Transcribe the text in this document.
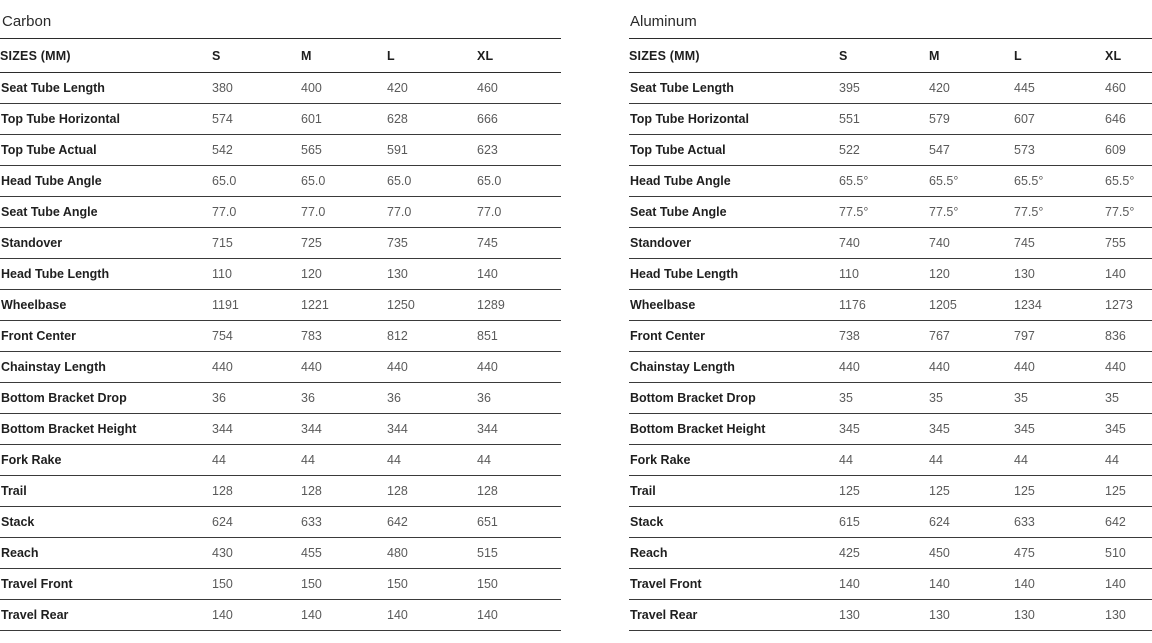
Carbon
SIZES (MM)	S	M	L	XL
Seat Tube Length	380	400	420	460
Top Tube Horizontal	574	601	628	666
Top Tube Actual	542	565	591	623
Head Tube Angle	65.0	65.0	65.0	65.0
Seat Tube Angle	77.0	77.0	77.0	77.0
Standover	715	725	735	745
Head Tube Length	110	120	130	140
Wheelbase	1191	1221	1250	1289
Front Center	754	783	812	851
Chainstay Length	440	440	440	440
Bottom Bracket Drop	36	36	36	36
Bottom Bracket Height	344	344	344	344
Fork Rake	44	44	44	44
Trail	128	128	128	128
Stack	624	633	642	651
Reach	430	455	480	515
Travel Front	150	150	150	150
Travel Rear	140	140	140	140
Aluminum
SIZES (MM)	S	M	L	XL
Seat Tube Length	395	420	445	460
Top Tube Horizontal	551	579	607	646
Top Tube Actual	522	547	573	609
Head Tube Angle	65.5°	65.5°	65.5°	65.5°
Seat Tube Angle	77.5°	77.5°	77.5°	77.5°
Standover	740	740	745	755
Head Tube Length	110	120	130	140
Wheelbase	1176	1205	1234	1273
Front Center	738	767	797	836
Chainstay Length	440	440	440	440
Bottom Bracket Drop	35	35	35	35
Bottom Bracket Height	345	345	345	345
Fork Rake	44	44	44	44
Trail	125	125	125	125
Stack	615	624	633	642
Reach	425	450	475	510
Travel Front	140	140	140	140
Travel Rear	130	130	130	130
